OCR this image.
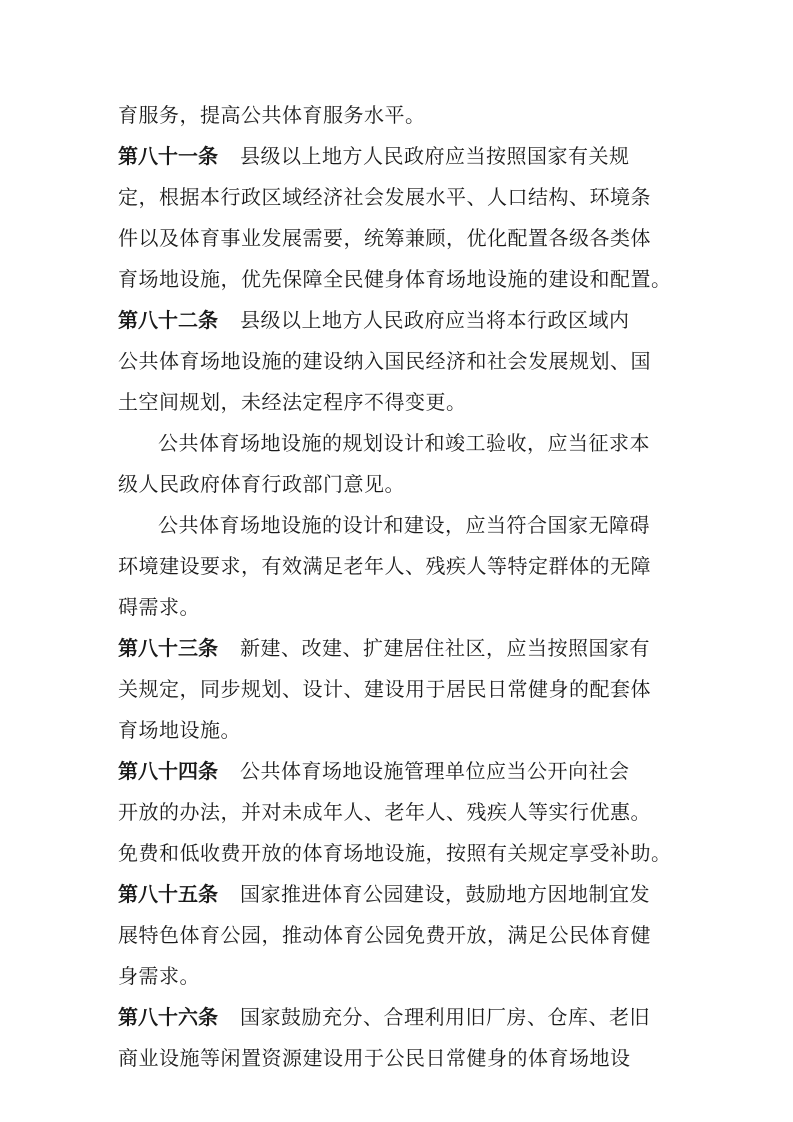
育服务，提高公共体育服务水平。
第八十一条 县级以上地方人民政府应当按照国家有关规
定，根据本行政区域经济社会发展水平、人口结构、环境条
件以及体育事业发展需要，统筹兼顾，优化配置各级各类体
育场地设施，优先保障全民健身体育场地设施的建设和配置。
第八十二条 县级以上地方人民政府应当将本行政区域内
公共体育场地设施的建设纳入国民经济和社会发展规划、国
土空间规划，未经法定程序不得变更。
公共体育场地设施的规划设计和竣工验收，应当征求本
级人民政府体育行政部门意见。
公共体育场地设施的设计和建设，应当符合国家无障碍
环境建设要求，有效满足老年人、残疾人等特定群体的无障
碍需求。
第八十三条 新建、改建、扩建居住社区，应当按照国家有
关规定，同步规划、设计、建设用于居民日常健身的配套体
育场地设施。
第八十四条 公共体育场地设施管理单位应当公开向社会
开放的办法，并对未成年人、老年人、残疾人等实行优惠。
免费和低收费开放的体育场地设施，按照有关规定享受补助。
第八十五条 国家推进体育公园建设，鼓励地方因地制宜发
展特色体育公园，推动体育公园免费开放，满足公民体育健
身需求。
第八十六条 国家鼓励充分、合理利用旧厂房、仓库、老旧
商业设施等闲置资源建设用于公民日常健身的体育场地设
